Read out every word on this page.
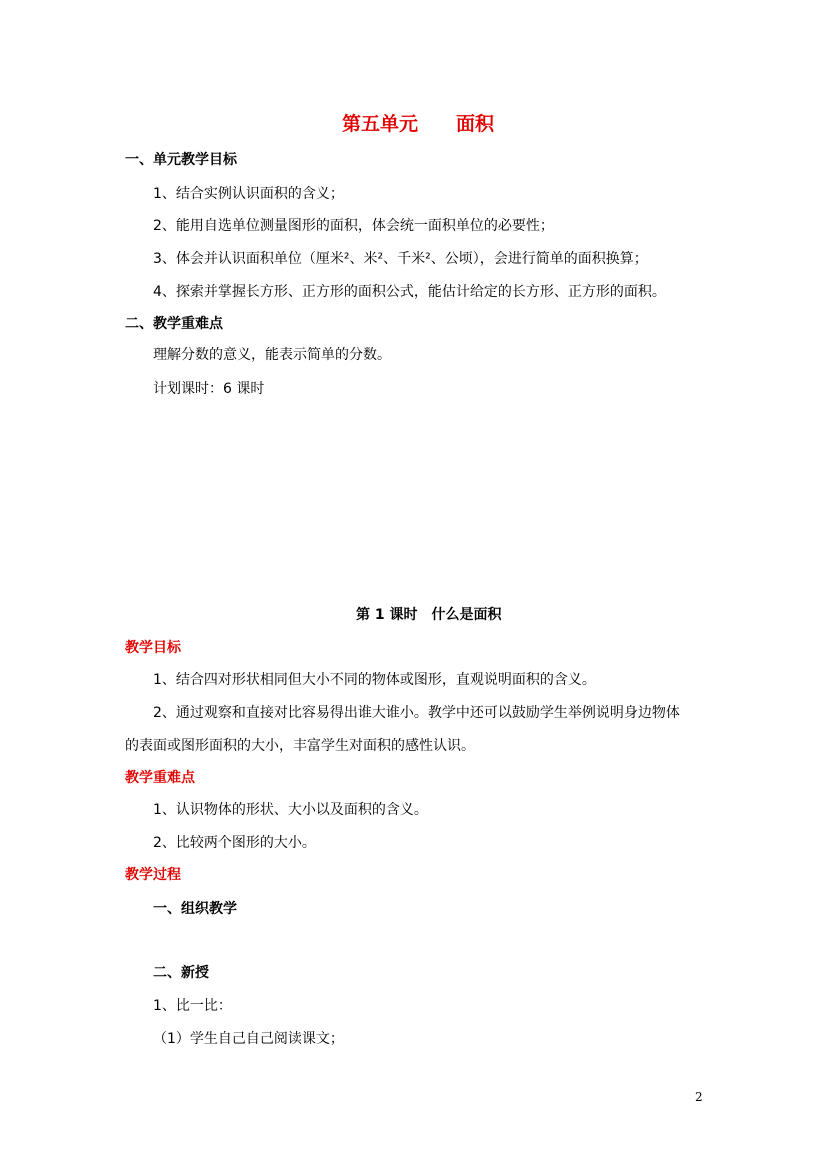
第五单元　　面积
一、单元教学目标
1、结合实例认识面积的含义；
2、能用自选单位测量图形的面积，体会统一面积单位的必要性；
3、体会并认识面积单位（厘米²、米²、千米²、公顷），会进行简单的面积换算；
4、探索并掌握长方形、正方形的面积公式，能估计给定的长方形、正方形的面积。
二、教学重难点
理解分数的意义，能表示简单的分数。
计划课时：6 课时
第 1 课时　什么是面积
教学目标
1、结合四对形状相同但大小不同的物体或图形，直观说明面积的含义。
2、通过观察和直接对比容易得出谁大谁小。教学中还可以鼓励学生举例说明身边物体
的表面或图形面积的大小，丰富学生对面积的感性认识。
教学重难点
1、认识物体的形状、大小以及面积的含义。
2、比较两个图形的大小。
教学过程
一、组织教学
二、新授
1、比一比：
（1）学生自己自己阅读课文；
2
